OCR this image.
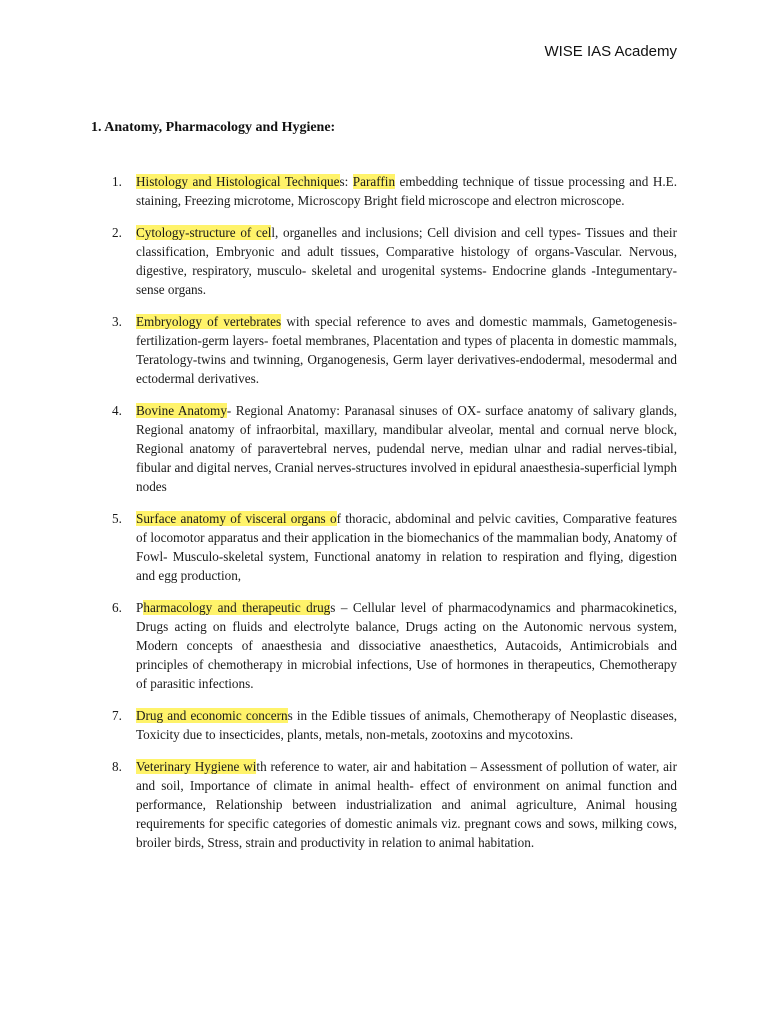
WISE IAS Academy
1. Anatomy, Pharmacology and Hygiene:
1. Histology and Histological Techniques: Paraffin embedding technique of tissue processing and H.E. staining, Freezing microtome, Microscopy Bright field microscope and electron microscope.
2. Cytology-structure of cell, organelles and inclusions; Cell division and cell types- Tissues and their classification, Embryonic and adult tissues, Comparative histology of organs-Vascular. Nervous, digestive, respiratory, musculo- skeletal and urogenital systems- Endocrine glands -Integumentary-sense organs.
3. Embryology of vertebrates with special reference to aves and domestic mammals, Gametogenesis-fertilization-germ layers- foetal membranes, Placentation and types of placenta in domestic mammals, Teratology-twins and twinning, Organogenesis, Germ layer derivatives-endodermal, mesodermal and ectodermal derivatives.
4. Bovine Anatomy- Regional Anatomy: Paranasal sinuses of OX- surface anatomy of salivary glands, Regional anatomy of infraorbital, maxillary, mandibular alveolar, mental and cornual nerve block, Regional anatomy of paravertebral nerves, pudendal nerve, median ulnar and radial nerves-tibial, fibular and digital nerves, Cranial nerves-structures involved in epidural anaesthesia-superficial lymph nodes
5. Surface anatomy of visceral organs of thoracic, abdominal and pelvic cavities, Comparative features of locomotor apparatus and their application in the biomechanics of the mammalian body, Anatomy of Fowl- Musculo-skeletal system, Functional anatomy in relation to respiration and flying, digestion and egg production,
6. Pharmacology and therapeutic drugs – Cellular level of pharmacodynamics and pharmacokinetics, Drugs acting on fluids and electrolyte balance, Drugs acting on the Autonomic nervous system, Modern concepts of anaesthesia and dissociative anaesthetics, Autacoids, Antimicrobials and principles of chemotherapy in microbial infections, Use of hormones in therapeutics, Chemotherapy of parasitic infections.
7. Drug and economic concerns in the Edible tissues of animals, Chemotherapy of Neoplastic diseases, Toxicity due to insecticides, plants, metals, non-metals, zootoxins and mycotoxins.
8. Veterinary Hygiene with reference to water, air and habitation – Assessment of pollution of water, air and soil, Importance of climate in animal health- effect of environment on animal function and performance, Relationship between industrialization and animal agriculture, Animal housing requirements for specific categories of domestic animals viz. pregnant cows and sows, milking cows, broiler birds, Stress, strain and productivity in relation to animal habitation.
